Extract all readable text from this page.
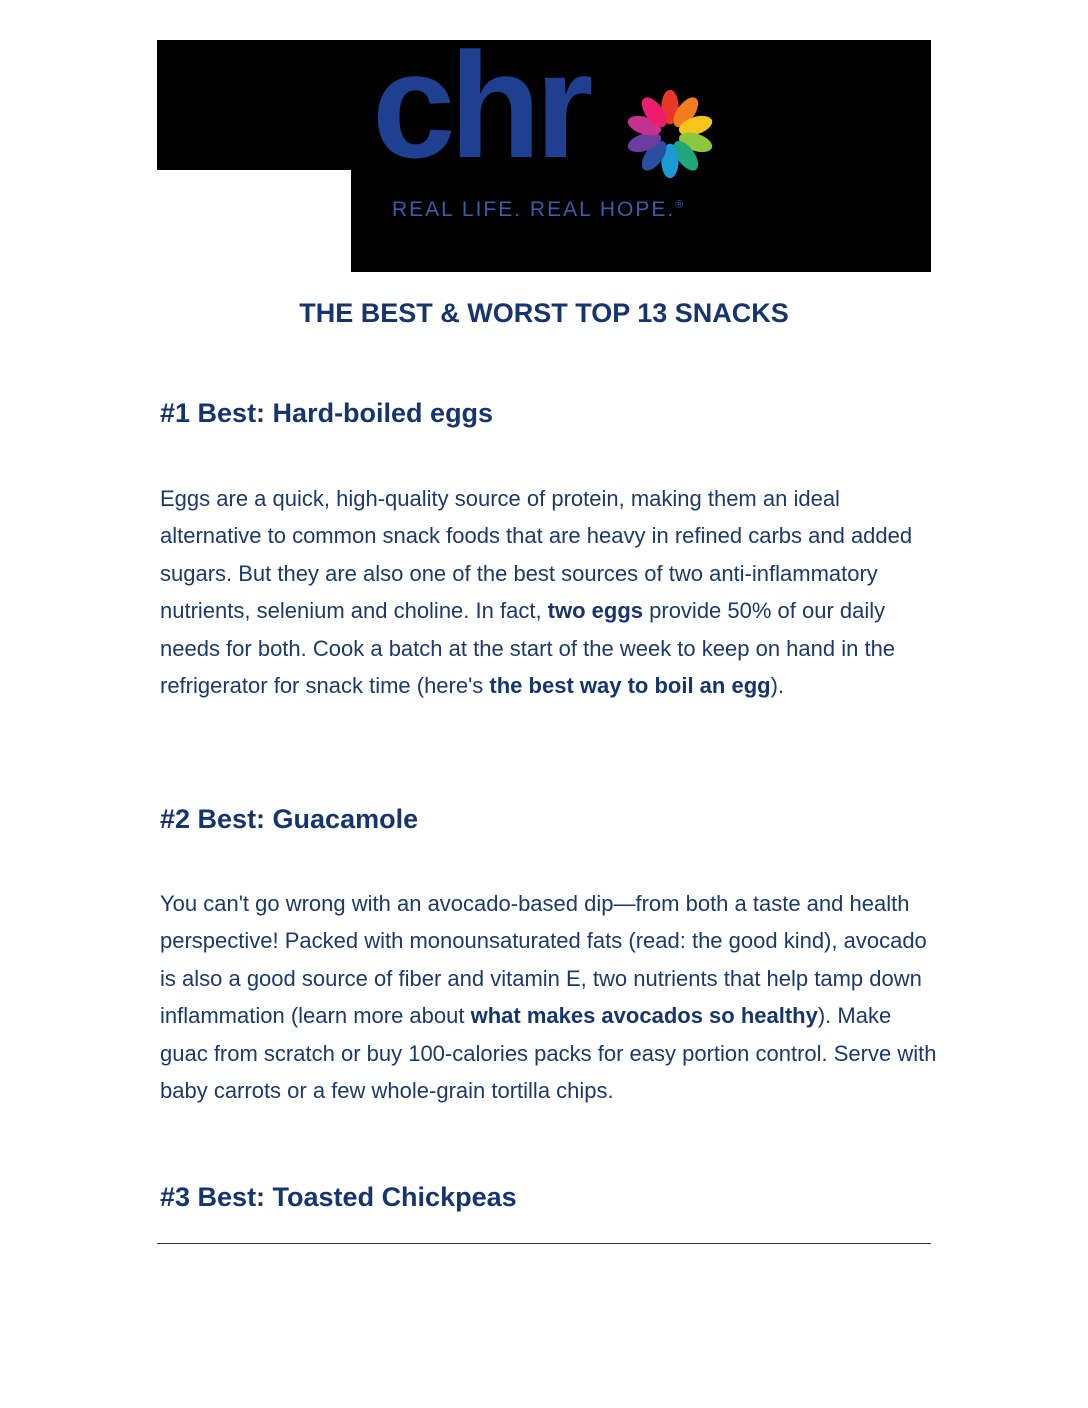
chr
REAL LIFE. REAL HOPE.®
THE BEST & WORST TOP 13 SNACKS
#1 Best: Hard-boiled eggs
Eggs are a quick, high-quality source of protein, making them an ideal alternative to common snack foods that are heavy in refined carbs and added sugars. But they are also one of the best sources of two anti-inflammatory nutrients, selenium and choline. In fact, two eggs provide 50% of our daily needs for both. Cook a batch at the start of the week to keep on hand in the refrigerator for snack time (here's the best way to boil an egg).
#2 Best: Guacamole
You can't go wrong with an avocado-based dip—from both a taste and health perspective! Packed with monounsaturated fats (read: the good kind), avocado is also a good source of fiber and vitamin E, two nutrients that help tamp down inflammation (learn more about what makes avocados so healthy). Make guac from scratch or buy 100-calories packs for easy portion control. Serve with baby carrots or a few whole-grain tortilla chips.
#3 Best: Toasted Chickpeas
